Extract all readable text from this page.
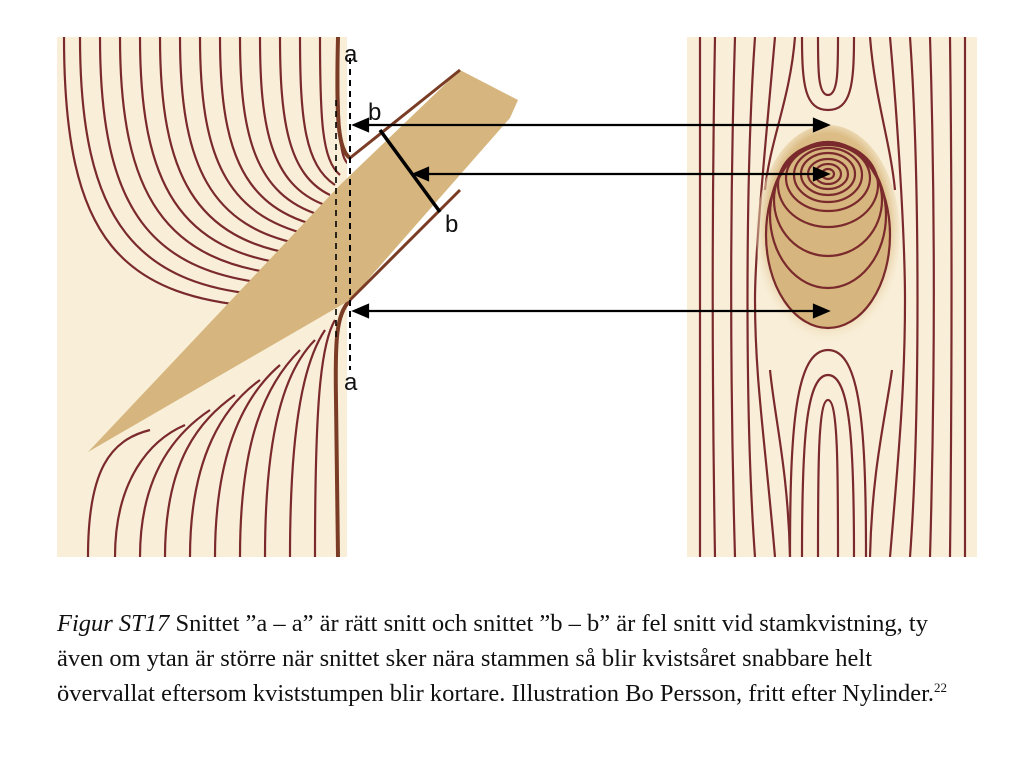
a
a
b
b
Figur ST17 Snittet ”a – a” är rätt snitt och snittet ”b – b” är fel snitt vid stamkvistning, ty även om ytan är större när snittet sker nära stammen så blir kvistsåret snabbare helt övervallat eftersom kviststumpen blir kortare. Illustration Bo Persson, fritt efter Nylinder.$^{22}$
